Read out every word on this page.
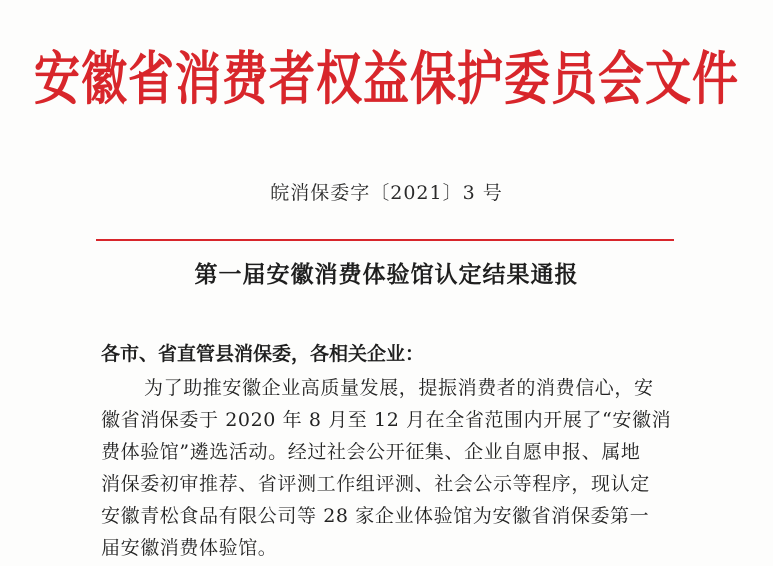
安徽省消费者权益保护委员会文件
皖消保委字〔2021〕3 号
第一届安徽消费体验馆认定结果通报
各市、省直管县消保委，各相关企业：
为了助推安徽企业高质量发展，提振消费者的消费信心，安
徽省消保委于 2020 年 8 月至 12 月在全省范围内开展了“安徽消
费体验馆”遴选活动。经过社会公开征集、企业自愿申报、属地
消保委初审推荐、省评测工作组评测、社会公示等程序，现认定
安徽青松食品有限公司等 28 家企业体验馆为安徽省消保委第一
届安徽消费体验馆。
